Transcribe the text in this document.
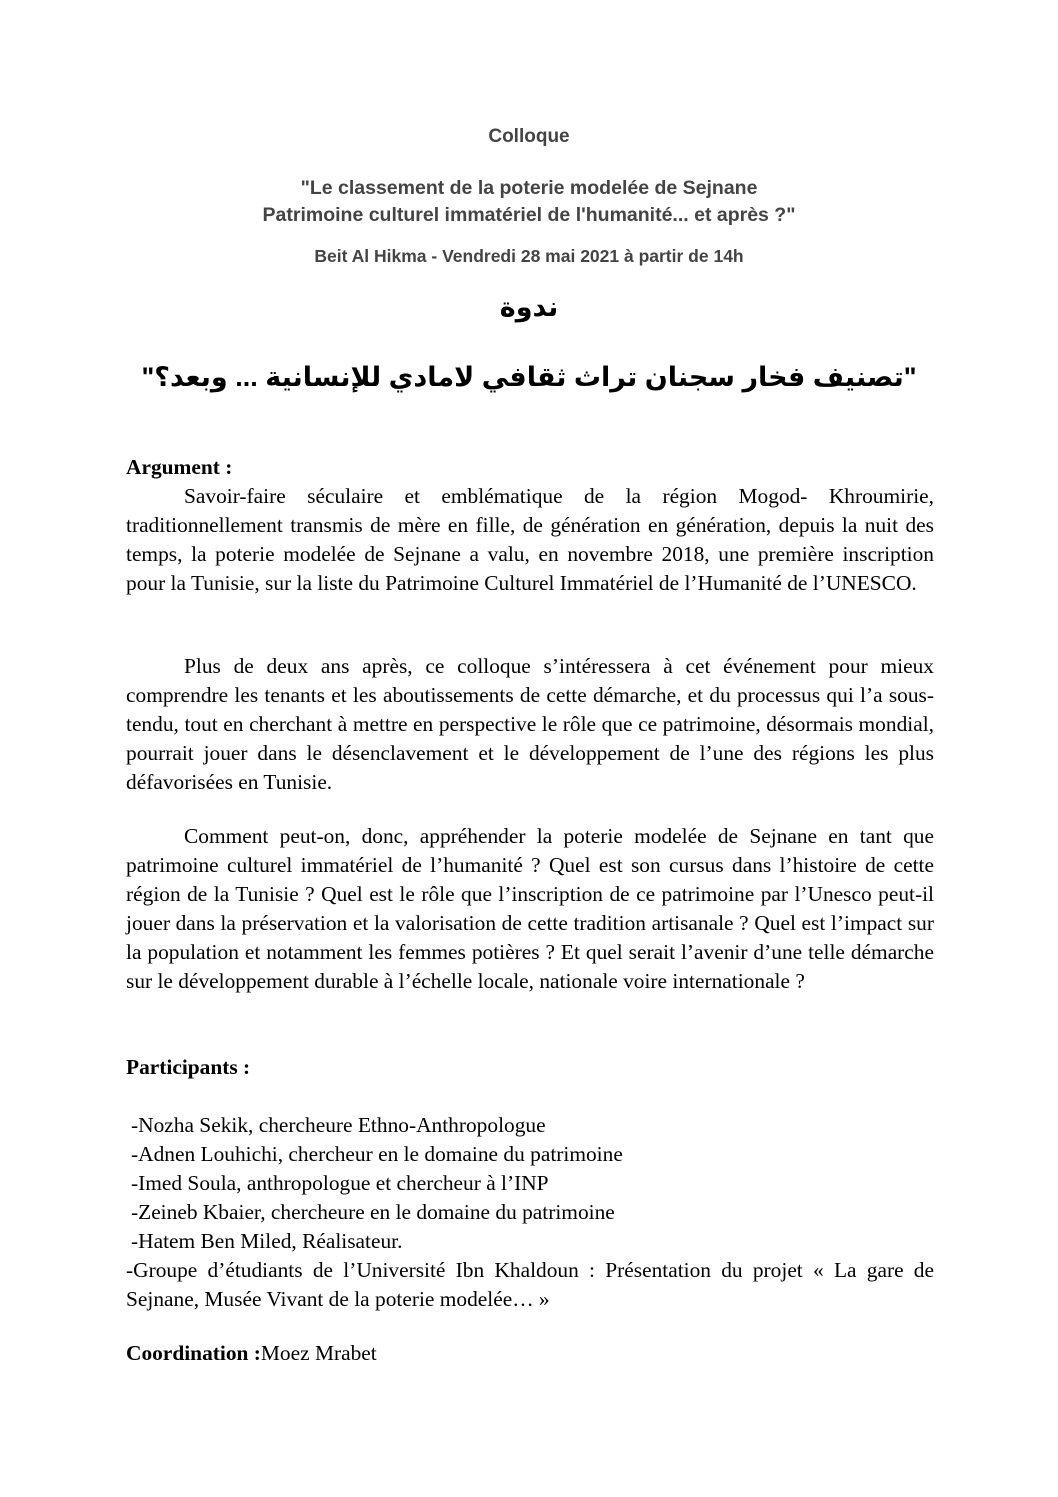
Colloque
"Le classement de la poterie modelée de Sejnane
Patrimoine culturel immatériel de l'humanité... et après ?"
Beit Al Hikma - Vendredi 28 mai 2021 à partir de 14h
ندوة
"تصنيف فخار سجنان تراث ثقافي لامادي للإنسانية ... وبعد؟"
Argument :

Savoir-faire séculaire et emblématique de la région Mogod- Khroumirie, traditionnellement transmis de mère en fille, de génération en génération, depuis la nuit des temps, la poterie modelée de Sejnane a valu, en novembre 2018, une première inscription pour la Tunisie, sur la liste du Patrimoine Culturel Immatériel de l’Humanité de l’UNESCO.

Plus de deux ans après, ce colloque s’intéressera à cet événement pour mieux comprendre les tenants et les aboutissements de cette démarche, et du processus qui l’a sous-tendu, tout en cherchant à mettre en perspective le rôle que ce patrimoine, désormais mondial, pourrait jouer dans le désenclavement et le développement de l’une des régions les plus défavorisées en Tunisie.

Comment peut-on, donc, appréhender la poterie modelée de Sejnane en tant que patrimoine culturel immatériel de l’humanité ? Quel est son cursus dans l’histoire de cette région de la Tunisie ? Quel est le rôle que l’inscription de ce patrimoine par l’Unesco peut-il jouer dans la préservation et la valorisation de cette tradition artisanale ? Quel est l’impact sur la population et notamment les femmes potières ? Et quel serait l’avenir d’une telle démarche sur le développement durable à l’échelle locale, nationale voire internationale ?

Participants :
-Nozha Sekik, chercheure Ethno-Anthropologue
-Adnen Louhichi, chercheur en le domaine du patrimoine
-Imed Soula, anthropologue et chercheur à l’INP
-Zeineb Kbaier, chercheure en le domaine du patrimoine
-Hatem Ben Miled, Réalisateur.
-Groupe d’étudiants de l’Université Ibn Khaldoun : Présentation du projet « La gare de Sejnane, Musée Vivant de la poterie modelée… »
Coordination :Moez Mrabet
